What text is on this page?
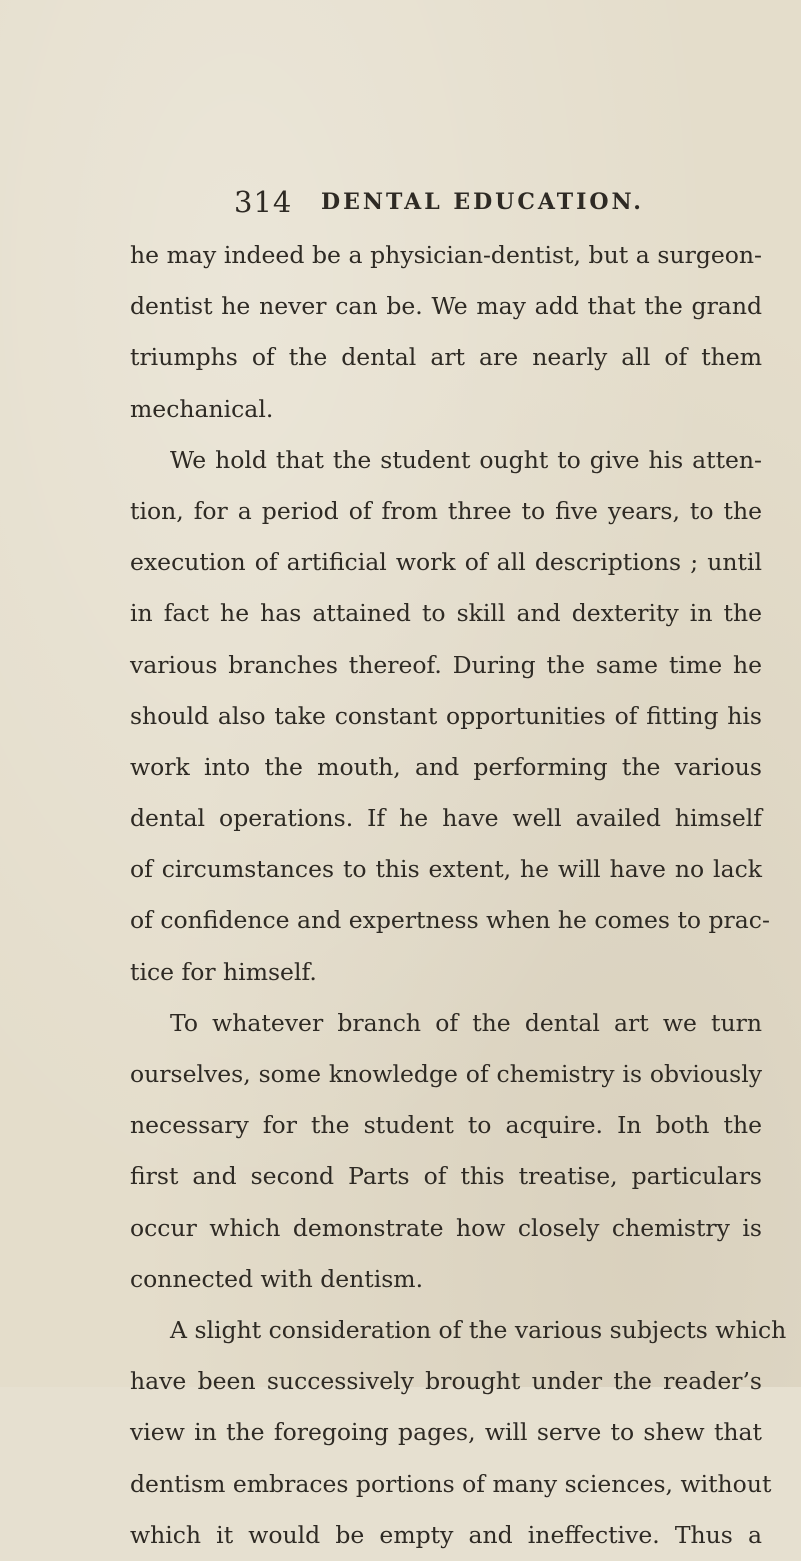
314 DENTAL EDUCATION.
he may indeed be a physician-dentist, but a surgeon-
dentist he never can be. We may add that the grand
triumphs of the dental art are nearly all of them
mechanical.
We hold that the student ought to give his atten-
tion, for a period of from three to five years, to the
execution of artificial work of all descriptions ; until
in fact he has attained to skill and dexterity in the
various branches thereof. During the same time he
should also take constant opportunities of fitting his
work into the mouth, and performing the various
dental operations. If he have well availed himself
of circumstances to this extent, he will have no lack
of confidence and expertness when he comes to prac-
tice for himself.
To whatever branch of the dental art we turn
ourselves, some knowledge of chemistry is obviously
necessary for the student to acquire. In both the
first and second Parts of this treatise, particulars
occur which demonstrate how closely chemistry is
connected with dentism.
A slight consideration of the various subjects which
have been successively brought under the reader’s
view in the foregoing pages, will serve to shew that
dentism embraces portions of many sciences, without
which it would be empty and ineffective. Thus a
